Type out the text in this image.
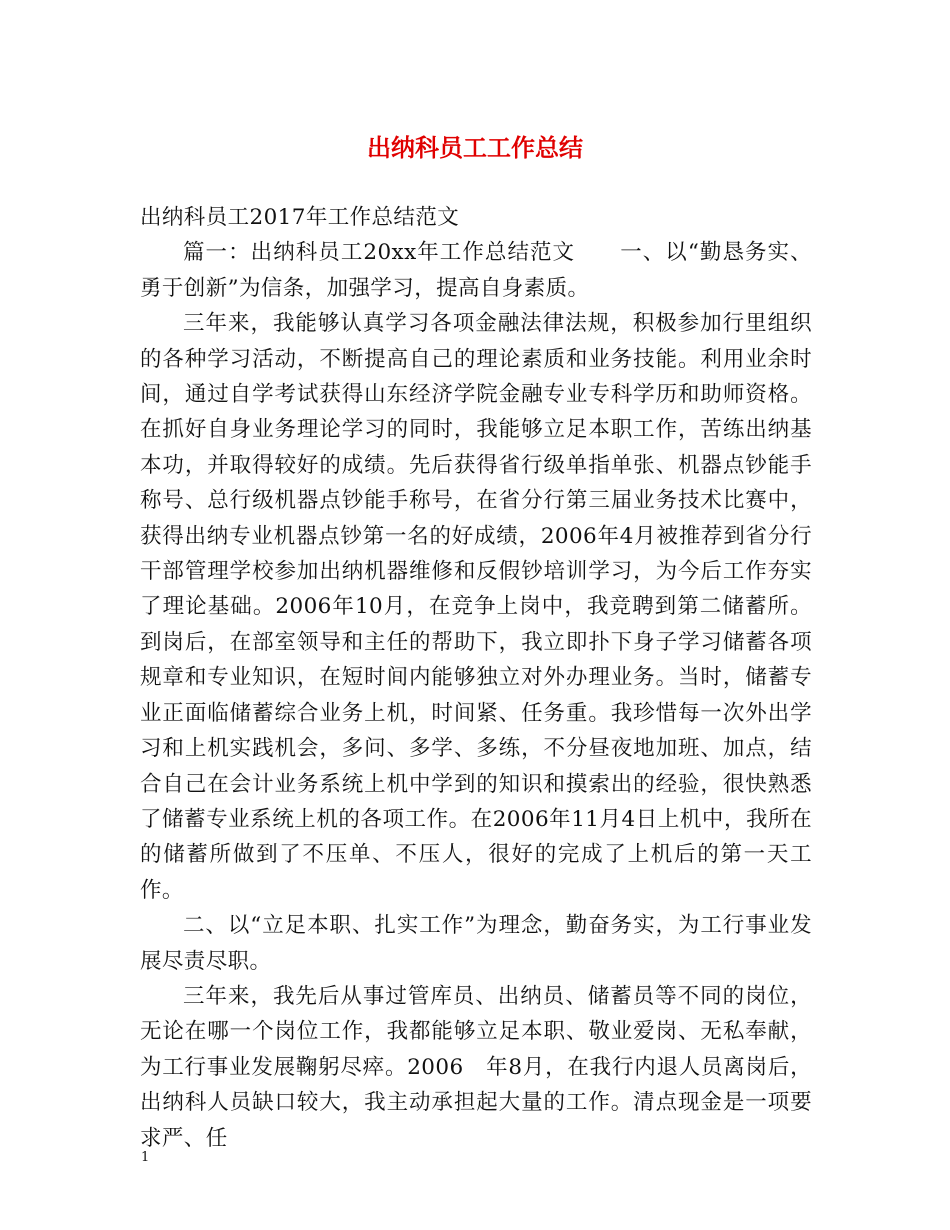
出纳科员工工作总结

出纳科员工2017年工作总结范文

篇一：出纳科员工20xx年工作总结范文　　一、以“勤恳务实、勇于创新”为信条，加强学习，提高自身素质。

三年来，我能够认真学习各项金融法律法规，积极参加行里组织的各种学习活动，不断提高自己的理论素质和业务技能。利用业余时间，通过自学考试获得山东经济学院金融专业专科学历和助师资格。在抓好自身业务理论学习的同时，我能够立足本职工作，苦练出纳基本功，并取得较好的成绩。先后获得省行级单指单张、机器点钞能手称号、总行级机器点钞能手称号，在省分行第三届业务技术比赛中，获得出纳专业机器点钞第一名的好成绩，2006年4月被推荐到省分行干部管理学校参加出纳机器维修和反假钞培训学习，为今后工作夯实了理论基础。2006年10月，在竞争上岗中，我竞聘到第二储蓄所。到岗后，在部室领导和主任的帮助下，我立即扑下身子学习储蓄各项规章和专业知识，在短时间内能够独立对外办理业务。当时，储蓄专业正面临储蓄综合业务上机，时间紧、任务重。我珍惜每一次外出学习和上机实践机会，多问、多学、多练，不分昼夜地加班、加点，结合自己在会计业务系统上机中学到的知识和摸索出的经验，很快熟悉了储蓄专业系统上机的各项工作。在2006年11月4日上机中，我所在的储蓄所做到了不压单、不压人，很好的完成了上机后的第一天工作。

二、以“立足本职、扎实工作”为理念，勤奋务实，为工行事业发展尽责尽职。

三年来，我先后从事过管库员、出纳员、储蓄员等不同的岗位，无论在哪一个岗位工作，我都能够立足本职、敬业爱岗、无私奉献，为工行事业发展鞠躬尽瘁。2006　年8月，在我行内退人员离岗后，出纳科人员缺口较大，我主动承担起大量的工作。清点现金是一项要求严、任

1
